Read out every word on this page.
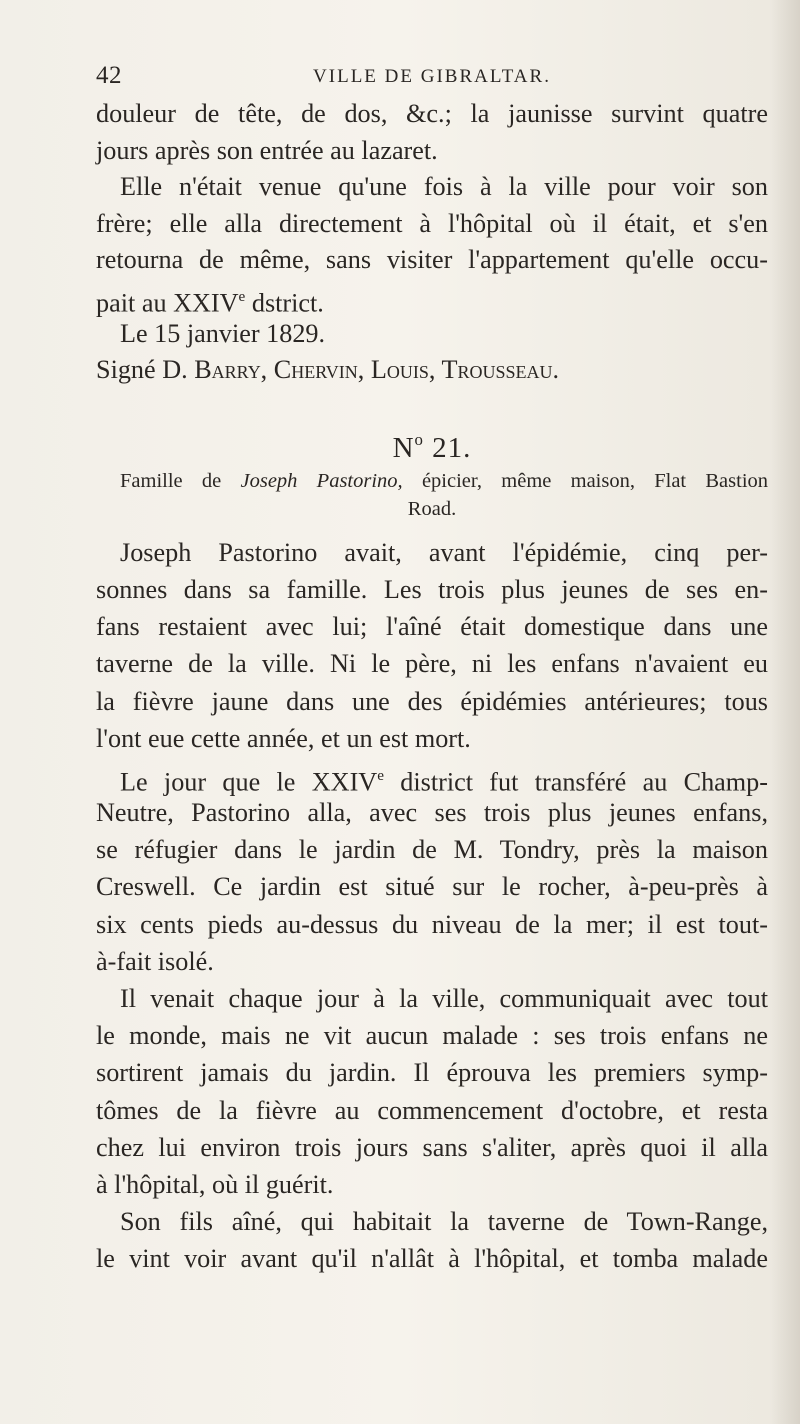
42	VILLE DE GIBRALTAR.
douleur de tête, de dos, &c.; la jaunisse survint quatre
jours après son entrée au lazaret.
Elle n'était venue qu'une fois à la ville pour voir son
frère; elle alla directement à l'hôpital où il était, et s'en
retourna de même, sans visiter l'appartement qu'elle occu-
pait au XXIVe dstrict.
Le 15 janvier 1829.
Signé D. Barry, Chervin, Louis, Trousseau.
$N^o$ 21.
Famille de Joseph Pastorino, épicier, même maison, Flat Bastion
Road.
Joseph Pastorino avait, avant l'épidémie, cinq per-
sonnes dans sa famille. Les trois plus jeunes de ses en-
fans restaient avec lui; l'aîné était domestique dans une
taverne de la ville. Ni le père, ni les enfans n'avaient eu
la fièvre jaune dans une des épidémies antérieures; tous
l'ont eue cette année, et un est mort.
Le jour que le XXIVe district fut transféré au Champ-
Neutre, Pastorino alla, avec ses trois plus jeunes enfans,
se réfugier dans le jardin de M. Tondry, près la maison
Creswell. Ce jardin est situé sur le rocher, à-peu-près à
six cents pieds au-dessus du niveau de la mer; il est tout-
à-fait isolé.
Il venait chaque jour à la ville, communiquait avec tout
le monde, mais ne vit aucun malade : ses trois enfans ne
sortirent jamais du jardin. Il éprouva les premiers symp-
tômes de la fièvre au commencement d'octobre, et resta
chez lui environ trois jours sans s'aliter, après quoi il alla
à l'hôpital, où il guérit.
Son fils aîné, qui habitait la taverne de Town-Range,
le vint voir avant qu'il n'allât à l'hôpital, et tomba malade
